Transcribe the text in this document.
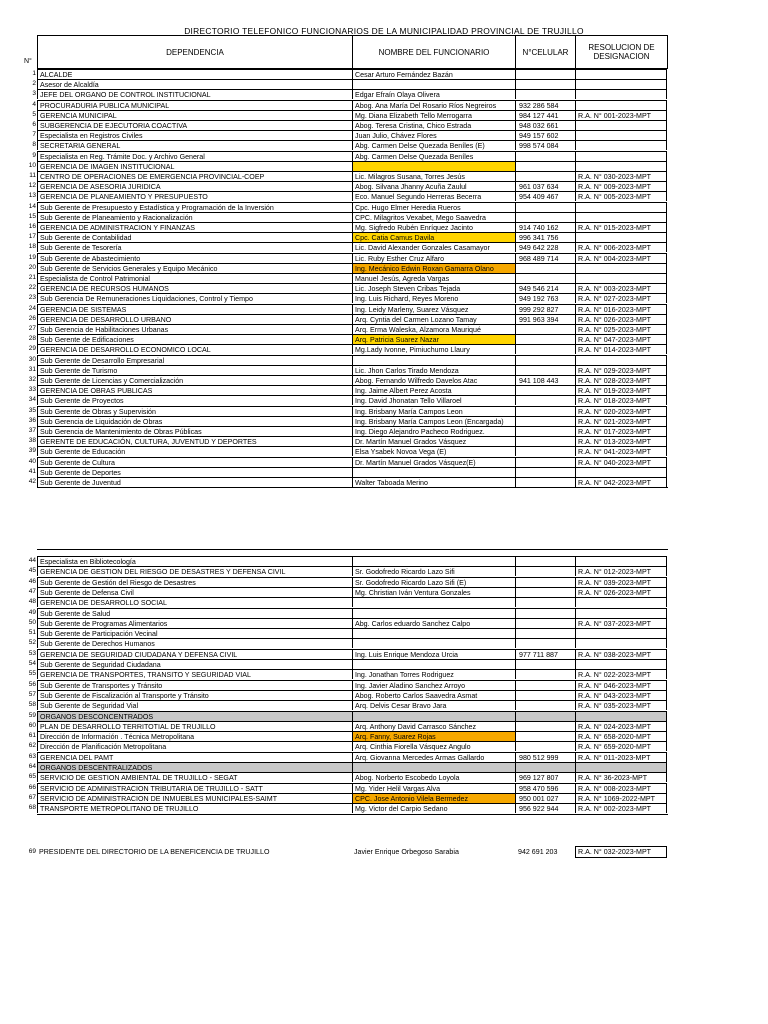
DIRECTORIO TELEFONICO FUNCIONARIOS DE LA MUNICIPALIDAD PROVINCIAL DE TRUJILLO
DEPENDENCIA	NOMBRE DEL FUNCIONARIO	N°CELULAR	RESOLUCION DE DESIGNACION
N°
1 ALCALDE	Cesar Arturo Fernández Bazán
2 Asesor de Alcaldía
3 JEFE DEL ORGANO DE CONTROL INSTITUCIONAL	Edgar Efraín Olaya Olivera
4 PROCURADURIA PUBLICA MUNICIPAL	Abog. Ana María Del Rosario Ríos Negreiros	932 286 584
5 GERENCIA MUNICIPAL	Mg. Diana Elizabeth Tello Merrogarra	984 127 441	R.A. N° 001-2023-MPT
6 SUBGERENCIA DE EJECUTORIA COACTIVA	Abog. Teresa Cristina, Chico Estrada	948 032 661
7 Especialista en Registros Civiles	Juan Julio, Chávez Flores	949 157 602
8 SECRETARIA GENERAL	Abg. Carmen Delse Quezada Beníles (E)	998 574 084
9 Especialista en Reg. Trámite Doc. y Archivo General	Abg. Carmen Delse Quezada Beníles
10 GERENCIA DE IMAGEN INSTITUCIONAL
11 CENTRO DE OPERACIONES DE EMERGENCIA PROVINCIAL-COEP	Lic. Milagros Susana, Torres Jesús	R.A. N° 030-2023-MPT
12 GERENCIA DE ASESORIA JURIDICA	Abog. Silvana Jhanny Acuña Zaulul	961 037 634	R.A. N° 009-2023-MPT
13 GERENCIA DE PLANEAMIENTO Y PRESUPUESTO	Eco. Manuel Segundo Herreras Becerra	954 409 467	R.A. N° 005-2023-MPT
14 Sub Gerente de Presupuesto y Estadística y Programación de la Inversión	Cpc. Hugo Elmer Heredia Rueros
15 Sub Gerente de Planeamiento y Racionalización	CPC. Milagritos Vexabet, Mego Saavedra
16 GERENCIA DE ADMINISTRACION Y FINANZAS	Mg. Sigfredo Rubén Enríquez Jacinto	914 740 162	R.A. N° 015-2023-MPT
17 Sub Gerente de Contabilidad	Cpc. Catia Camus Davila	996 341 756
18 Sub Gerente de Tesorería	Lic. David Alexander Gonzales Casamayor	949 642 228	R.A. N° 006-2023-MPT
19 Sub Gerente de Abastecimiento	Lic. Ruby Esther Cruz Alfaro	968 489 714	R.A. N° 004-2023-MPT
20 Sub Gerente de Servicios Generales y Equipo Mecánico	Ing. Mecánico Edwin Roxan Gamarra Olano
21 Especialista de Control Patrimonial	Manuel Jesús, Agreda Vargas
22 GERENCIA DE RECURSOS HUMANOS	Lic. Joseph Steven Cribas Tejada	949 546 214	R.A. N° 003-2023-MPT
23 Sub Gerencia De Remuneraciones Liquidaciones, Control y Tiempo	Ing. Luis Richard, Reyes Moreno	949 192 763	R.A. N° 027-2023-MPT
24 GERENCIA DE SISTEMAS	Ing. Leidy Marleny, Suarez Vásquez	999 292 827	R.A. N° 016-2023-MPT
26 GERENCIA DE DESARROLLO URBANO	Arq. Cyntia del Carmen Lozano Tamay	991 963 394	R.A. N° 026-2023-MPT
27 Sub Gerencia de Habilitaciones Urbanas	Arq. Erma Waleska, Alzamora Mauriqué	R.A. N° 025-2023-MPT
28 Sub Gerente de Edificaciones	Arq. Patricia Suarez Nazar	R.A. N° 047-2023-MPT
29 GERENCIA DE DESARROLLO ECONOMICO LOCAL	Mg.Lady Ivonne, Pimiuchumo Llaury	R.A. N° 014-2023-MPT
30 Sub Gerente de Desarrollo Empresarial
31 Sub Gerente de Turismo	Lic. Jhon Carlos Tirado Mendoza	R.A. N° 029-2023-MPT
32 Sub Gerente de Licencias y Comercialización	Abog. Fernando Wilfredo Davelos Atac	941 108 443	R.A. N° 028-2023-MPT
33 GERENCIA DE OBRAS PUBLICAS	Ing. Jaime Albert Perez Acosta	R.A. N° 019-2023-MPT
34 Sub Gerente de Proyectos	Ing. David Jhonatan Tello Villaroel	R.A. N° 018-2023-MPT
35 Sub Gerente de Obras y Supervisión	Ing. Brisbany María Campos Leon	R.A. N° 020-2023-MPT
36 Sub Gerencia de Liquidación de Obras	Ing. Brisbany María Campos Leon (Encargada)	R.A. N° 021-2023-MPT
37 Sub Gerencia de Mantenimiento de Obras Públicas	Ing. Diego Alejandro Pacheco Rodriguez.	R.A. N° 017-2023-MPT
38 GERENTE DE EDUCACIÓN, CULTURA, JUVENTUD Y DEPORTES	Dr. Martín Manuel Grados Vásquez	R.A. N° 013-2023-MPT
39 Sub Gerente de Educación	Elsa Ysabek Novoa Vega (E)	R.A. N° 041-2023-MPT
40 Sub Gerente de Cultura	Dr. Martín Manuel Grados Vásquez(E)	R.A. N° 040-2023-MPT
41 Sub Gerente de Deportes
42 Sub Gerente de Juventud	Walter Taboada Merino	R.A. N° 042-2023-MPT
44 Especialista en Bibliotecología
45 GERENCIA DE GESTION DEL RIESGO DE DESASTRES Y DEFENSA CIVIL	Sr. Godofredo Ricardo Lazo Sifi	R.A. N° 012-2023-MPT
46 Sub Gerente de Gestión del Riesgo de Desastres	Sr. Godofredo Ricardo Lazo Sifi (E)	R.A. N° 039-2023-MPT
47 Sub Gerente de Defensa Civil	Mg. Christian Iván Ventura Gonzales	R.A. N° 026-2023-MPT
48 GERENCIA DE DESARROLLO SOCIAL
49 Sub Gerente de Salud
50 Sub Gerente de Programas Alimentarios	Abg. Carlos eduardo Sanchez Calpo	R.A. N° 037-2023-MPT
51 Sub Gerente de Participación Vecinal
52 Sub Gerente de Derechos Humanos
53 GERENCIA DE SEGURIDAD CIUDADANA Y DEFENSA CIVIL	Ing. Luis Enrique Mendoza Urcia	977 711 887	R.A. N° 038-2023-MPT
54 Sub Gerente de Seguridad Ciudadana
55 GERENCIA DE TRANSPORTES, TRANSITO Y SEGURIDAD VIAL	Ing. Jonathan Torres Rodriguez	R.A. N° 022-2023-MPT
56 Sub Gerente de Transportes y Tránsito	Ing. Javier Aladino Sanchez Arroyo	R.A. N° 046-2023-MPT
57 Sub Gerente de Fiscalización al Transporte y Tránsito	Abog. Roberto Carlos Saavedra Asmat	R.A. N° 043-2023-MPT
58 Sub Gerente de Seguridad Vial	Arq. Delvis Cesar Bravo Jara	R.A. N° 035-2023-MPT
59 ORGANOS DESCONCENTRADOS
60 PLAN DE DESARROLLO TERRITOTIAL DE TRUJILLO	Arq. Anthony David Carrasco Sánchez	R.A. N° 024-2023-MPT
61 Dirección de Información . Técnica Metropolitana	Arq. Fanny, Suarez Rojas	R.A. N° 658-2020-MPT
62 Dirección de Planificación Metropolitana	Arq. Cinthia Fiorella Vásquez Angulo	R.A. N° 659-2020-MPT
63 GERENCIA DEL PAMT	Arq. Giovanna Mercedes Armas Gallardo	980 512 999	R.A. N° 011-2023-MPT
64 ORGANOS DESCENTRALIZADOS
65 SERVICIO DE GESTION AMBIENTAL DE TRUJILLO - SEGAT	Abog. Norberto Escobedo Loyola	969 127 807	R.A. N° 36-2023-MPT
66 SERVICIO DE ADMINISTRACION TRIBUTARIA DE TRUJILLO - SATT	Mg. Yider Helil Vargas Alva	958 470 596	R.A. N° 008-2023-MPT
67 SERVICIO DE ADMINISTRACION DE INMUEBLES MUNICIPALES-SAIMT	CPC. Jose Antonio Vilela Bermedez	950 001 027	R.A. N° 1069-2022-MPT
68 TRANSPORTE METROPOLITANO DE TRUJILLO	Mg. Victor del Carpio Sedano	956 922 944	R.A. N° 002-2023-MPT
69 PRESIDENTE DEL DIRECTORIO DE LA BENEFICENCIA DE TRUJILLO	Javier Enrique Orbegoso Sarabia	942 691 203	R.A. N° 032-2023-MPT
